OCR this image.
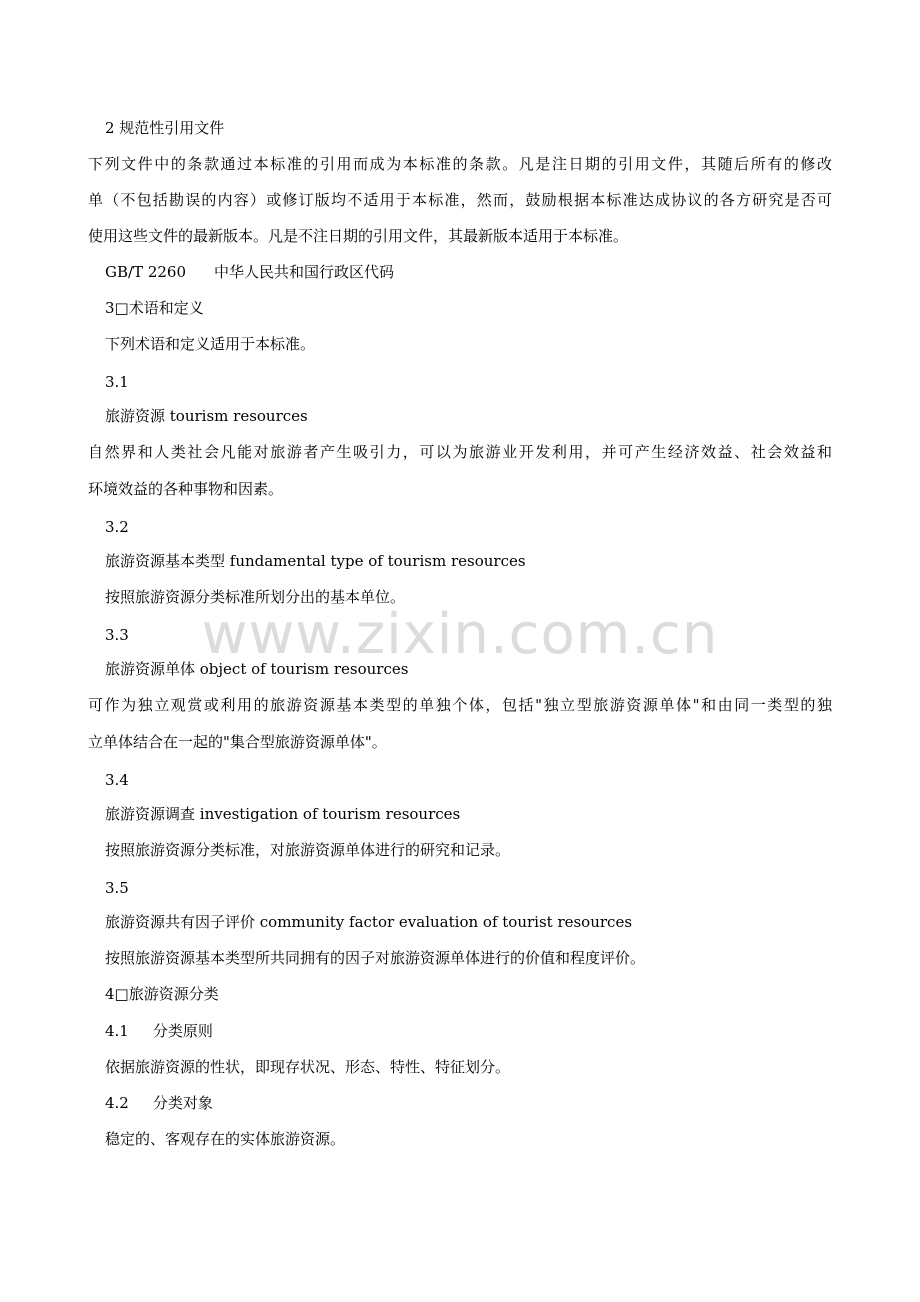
www.zixin.com.cn
2 规范性引用文件
下列文件中的条款通过本标准的引用而成为本标准的条款。凡是注日期的引用文件，其随后所有的修改
单（不包括勘误的内容）或修订版均不适用于本标准，然而，鼓励根据本标准达成协议的各方研究是否可
使用这些文件的最新版本。凡是不注日期的引用文件，其最新版本适用于本标准。
GB/T 2260 中华人民共和国行政区代码
3□术语和定义
下列术语和定义适用于本标准。
3.1
旅游资源 tourism resources
自然界和人类社会凡能对旅游者产生吸引力，可以为旅游业开发利用，并可产生经济效益、社会效益和
环境效益的各种事物和因素。
3.2
旅游资源基本类型 fundamental type of tourism resources
按照旅游资源分类标准所划分出的基本单位。
3.3
旅游资源单体 object of tourism resources
可作为独立观赏或利用的旅游资源基本类型的单独个体，包括"独立型旅游资源单体"和由同一类型的独
立单体结合在一起的"集合型旅游资源单体"。
3.4
旅游资源调查 investigation of tourism resources
按照旅游资源分类标准，对旅游资源单体进行的研究和记录。
3.5
旅游资源共有因子评价 community factor evaluation of tourist resources
按照旅游资源基本类型所共同拥有的因子对旅游资源单体进行的价值和程度评价。
4□旅游资源分类
4.1 分类原则
依据旅游资源的性状，即现存状况、形态、特性、特征划分。
4.2 分类对象
稳定的、客观存在的实体旅游资源。
